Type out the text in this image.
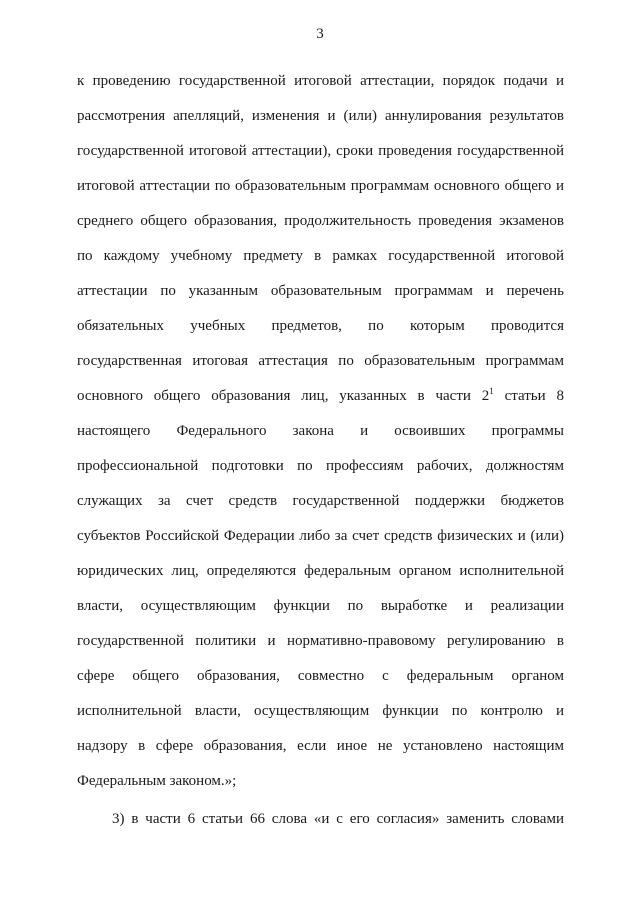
3
к проведению государственной итоговой аттестации, порядок подачи и
рассмотрения апелляций, изменения и (или) аннулирования результатов
государственной итоговой аттестации), сроки проведения государственной
итоговой аттестации по образовательным программам основного общего и
среднего общего образования, продолжительность проведения экзаменов
по каждому учебному предмету в рамках государственной итоговой
аттестации по указанным образовательным программам и перечень
обязательных учебных предметов, по которым проводится
государственная итоговая аттестация по образовательным программам
основного общего образования лиц, указанных в части $2^1$ статьи 8
настоящего Федерального закона и освоивших программы
профессиональной подготовки по профессиям рабочих, должностям
служащих за счет средств государственной поддержки бюджетов
субъектов Российской Федерации либо за счет средств физических и (или)
юридических лиц, определяются федеральным органом исполнительной
власти, осуществляющим функции по выработке и реализации
государственной политики и нормативно-правовому регулированию в
сфере общего образования, совместно с федеральным органом
исполнительной власти, осуществляющим функции по контролю и
надзору в сфере образования, если иное не установлено настоящим
Федеральным законом.»;
3) в части 6 статьи 66 слова «и с его согласия» заменить словами
